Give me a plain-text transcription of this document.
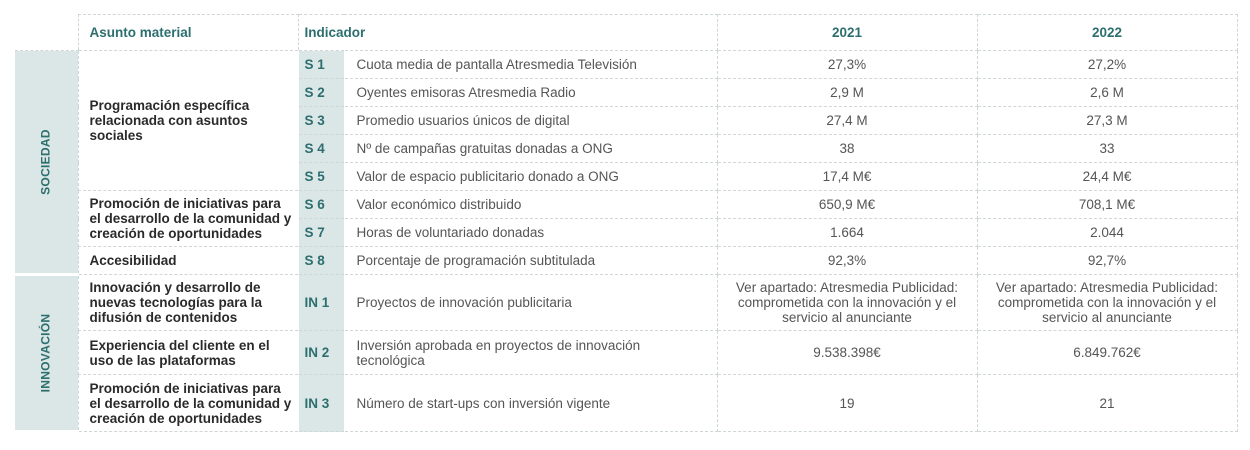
	Asunto material	Indicador		2021	2022

SOCIEDAD	Programación específica relacionada con asuntos sociales	S 1	Cuota media de pantalla Atresmedia Televisión	27,3%	27,2%
		S 2	Oyentes emisoras Atresmedia Radio	2,9 M	2,6 M
		S 3	Promedio usuarios únicos de digital	27,4 M	27,3 M
		S 4	Nº de campañas gratuitas donadas a ONG	38	33
		S 5	Valor de espacio publicitario donado a ONG	17,4 M€	24,4 M€
	Promoción de iniciativas para el desarrollo de la comunidad y creación de oportunidades	S 6	Valor económico distribuido	650,9 M€	708,1 M€
		S 7	Horas de voluntariado donadas	1.664	2.044
	Accesibilidad	S 8	Porcentaje de programación subtitulada	92,3%	92,7%

INNOVACIÓN	Innovación y desarrollo de nuevas tecnologías para la difusión de contenidos	IN 1	Proyectos de innovación publicitaria	Ver apartado: Atresmedia Publicidad: comprometida con la innovación y el servicio al anunciante	Ver apartado: Atresmedia Publicidad: comprometida con la innovación y el servicio al anunciante
	Experiencia del cliente en el uso de las plataformas	IN 2	Inversión aprobada en proyectos de innovación tecnológica	9.538.398€	6.849.762€
	Promoción de iniciativas para el desarrollo de la comunidad y creación de oportunidades	IN 3	Número de start-ups con inversión vigente	19	21
